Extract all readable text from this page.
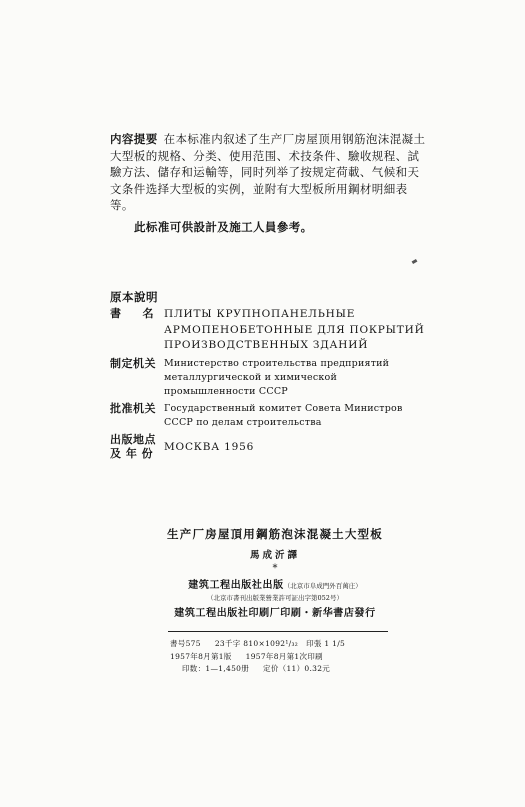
内容提要 在本标准内叙述了生产厂房屋顶用钢筋泡沫混凝土大型板的规格、分类、使用范围、术技条件、驗收规程、試驗方法、儲存和运輸等，同时列举了按规定荷載、气候和天文条件选择大型板的实例，並附有大型板所用鋼材明細表等。

此标准可供設計及施工人員參考。

原本說明
書　名 ПЛИТЫ КРУПНОПАНЕЛЬНЫЕ
АРМОПЕНОБЕТОННЫЕ ДЛЯ ПОКРЫТИЙ
ПРОИЗВОДСТВЕННЫХ ЗДАНИЙ
制定机关 Министерство строительства предприятий
металлургической и химической
промышленности СССР
批准机关 Государственный комитет Совета Министров
СССР по делам строительства
出版地点
及 年 份	МОСКВА 1956
生产厂房屋頂用鋼筋泡沫混凝土大型板
馬成沂譯
*
建筑工程出版社出版（北京市阜成門外百萬庄）
（北京市書刊出版業營業許可証出字第052号）
建筑工程出版社印刷厂印刷・新华書店發行
書号575 23千字 810×1092¹/₃₂ 印張 1 1/5
1957年8月第1版 1957年8月第1次印刷
印数：1—1,450册 定价（11）0.32元
